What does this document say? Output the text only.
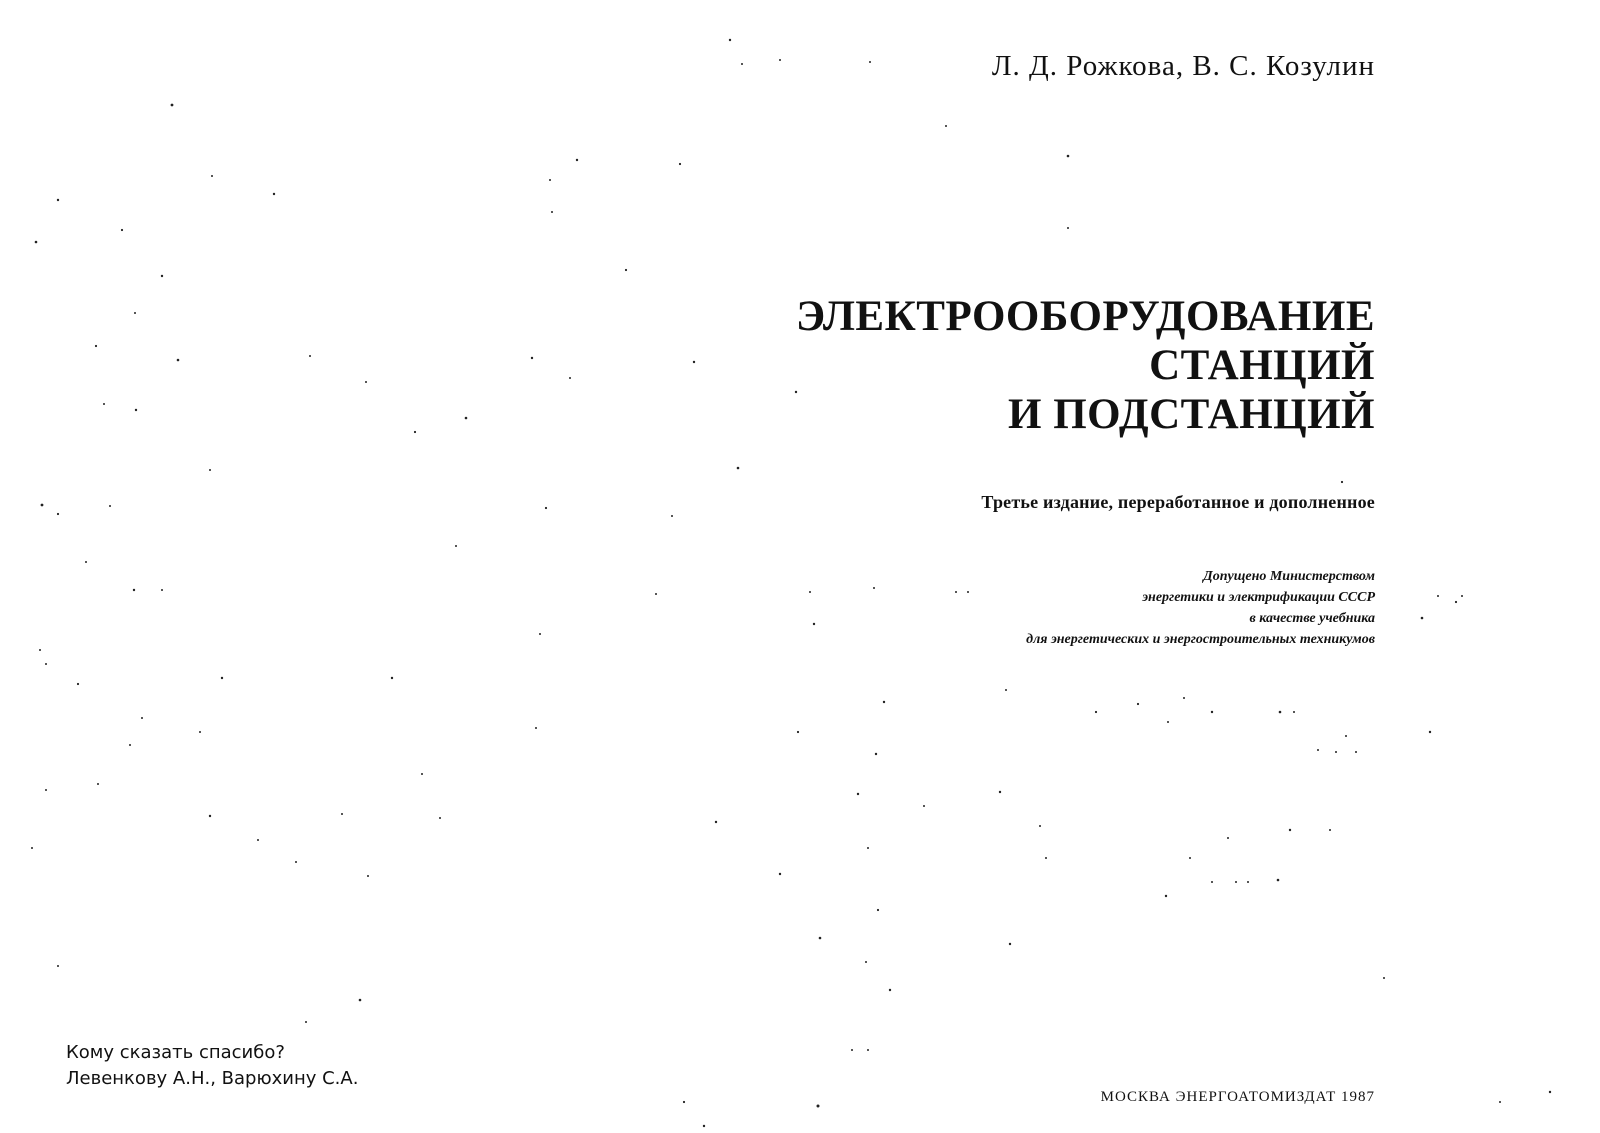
Л. Д. Рожкова, В. С. Козулин
ЭЛЕКТРООБОРУДОВАНИЕ
СТАНЦИЙ
И ПОДСТАНЦИЙ
Третье издание, переработанное и дополненное
Допущено Министерством
энергетики и электрификации СССР
в качестве учебника
для энергетических и энергостроительных техникумов
МОСКВА ЭНЕРГОАТОМИЗДАТ 1987
Кому сказать спасибо?
Левенкову А.Н., Варюхину С.А.
